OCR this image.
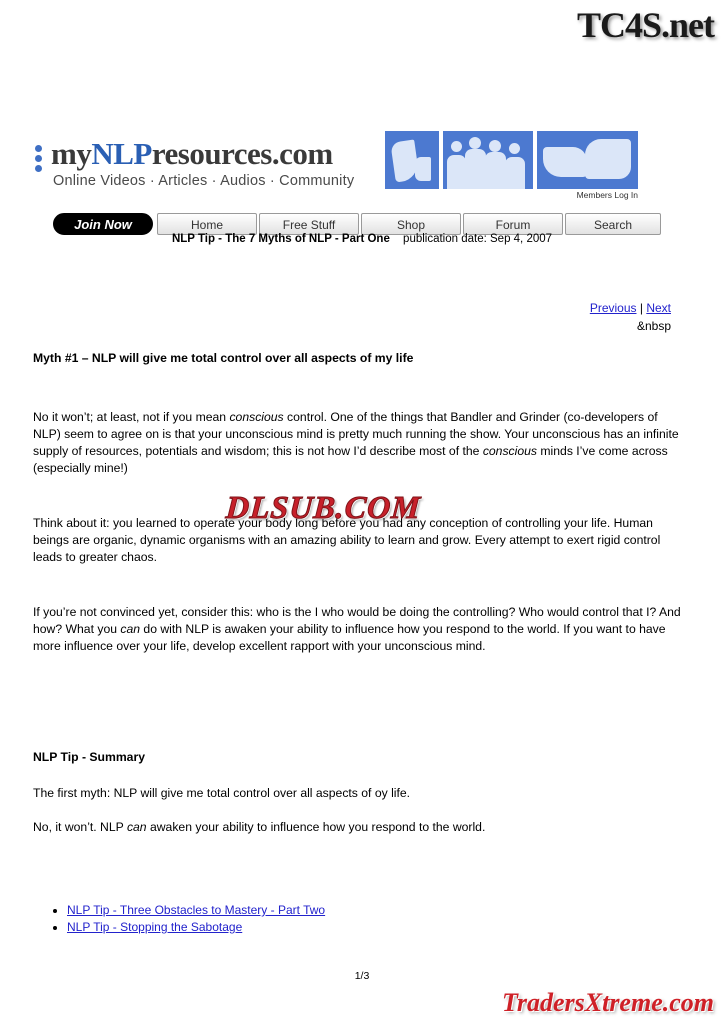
TC4S.net
myNLPresources.com
Online Videos · Articles · Audios · Community
Members Log In
Join Now	Home	Free Stuff	Shop	Forum	Search
NLP Tip - The 7 Myths of NLP - Part One publication date: Sep 4, 2007
Previous | Next
&nbsp
Myth #1 – NLP will give me total control over all aspects of my life

No it won’t; at least, not if you mean conscious control. One of the things that Bandler and Grinder (co-developers of NLP) seem to agree on is that your unconscious mind is pretty much running the show. Your unconscious has an infinite supply of resources, potentials and wisdom; this is not how I’d describe most of the conscious minds I’ve come across (especially mine!)

Think about it: you learned to operate your body long before you had any conception of controlling your life. Human beings are organic, dynamic organisms with an amazing ability to learn and grow. Every attempt to exert rigid control leads to greater chaos.

If you’re not convinced yet, consider this: who is the I who would be doing the controlling? Who would control that I? And how? What you can do with NLP is awaken your ability to influence how you respond to the world. If you want to have more influence over your life, develop excellent rapport with your unconscious mind.

NLP Tip - Summary
The first myth: NLP will give me total control over all aspects of oy life.
No, it won’t. NLP can awaken your ability to influence how you respond to the world.
• NLP Tip - Three Obstacles to Mastery - Part Two
• NLP Tip - Stopping the Sabotage
DLSUB.COM
1/3
TradersXtreme.com
